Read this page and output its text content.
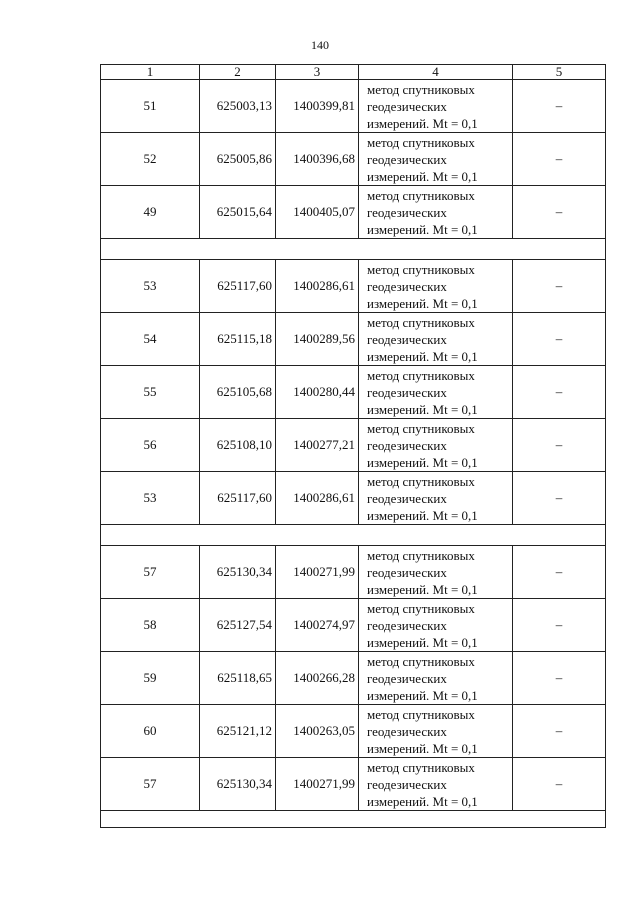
140
1	2	3	4	5
51	625003,13	1400399,81	метод спутниковых
геодезических
измерений. Mt = 0,1	–
52	625005,86	1400396,68	метод спутниковых
геодезических
измерений. Mt = 0,1	–
49	625015,64	1400405,07	метод спутниковых
геодезических
измерений. Mt = 0,1	–

53	625117,60	1400286,61	метод спутниковых
геодезических
измерений. Mt = 0,1	–
54	625115,18	1400289,56	метод спутниковых
геодезических
измерений. Mt = 0,1	–
55	625105,68	1400280,44	метод спутниковых
геодезических
измерений. Mt = 0,1	–
56	625108,10	1400277,21	метод спутниковых
геодезических
измерений. Mt = 0,1	–
53	625117,60	1400286,61	метод спутниковых
геодезических
измерений. Mt = 0,1	–

57	625130,34	1400271,99	метод спутниковых
геодезических
измерений. Mt = 0,1	–
58	625127,54	1400274,97	метод спутниковых
геодезических
измерений. Mt = 0,1	–
59	625118,65	1400266,28	метод спутниковых
геодезических
измерений. Mt = 0,1	–
60	625121,12	1400263,05	метод спутниковых
геодезических
измерений. Mt = 0,1	–
57	625130,34	1400271,99	метод спутниковых
геодезических
измерений. Mt = 0,1	–
